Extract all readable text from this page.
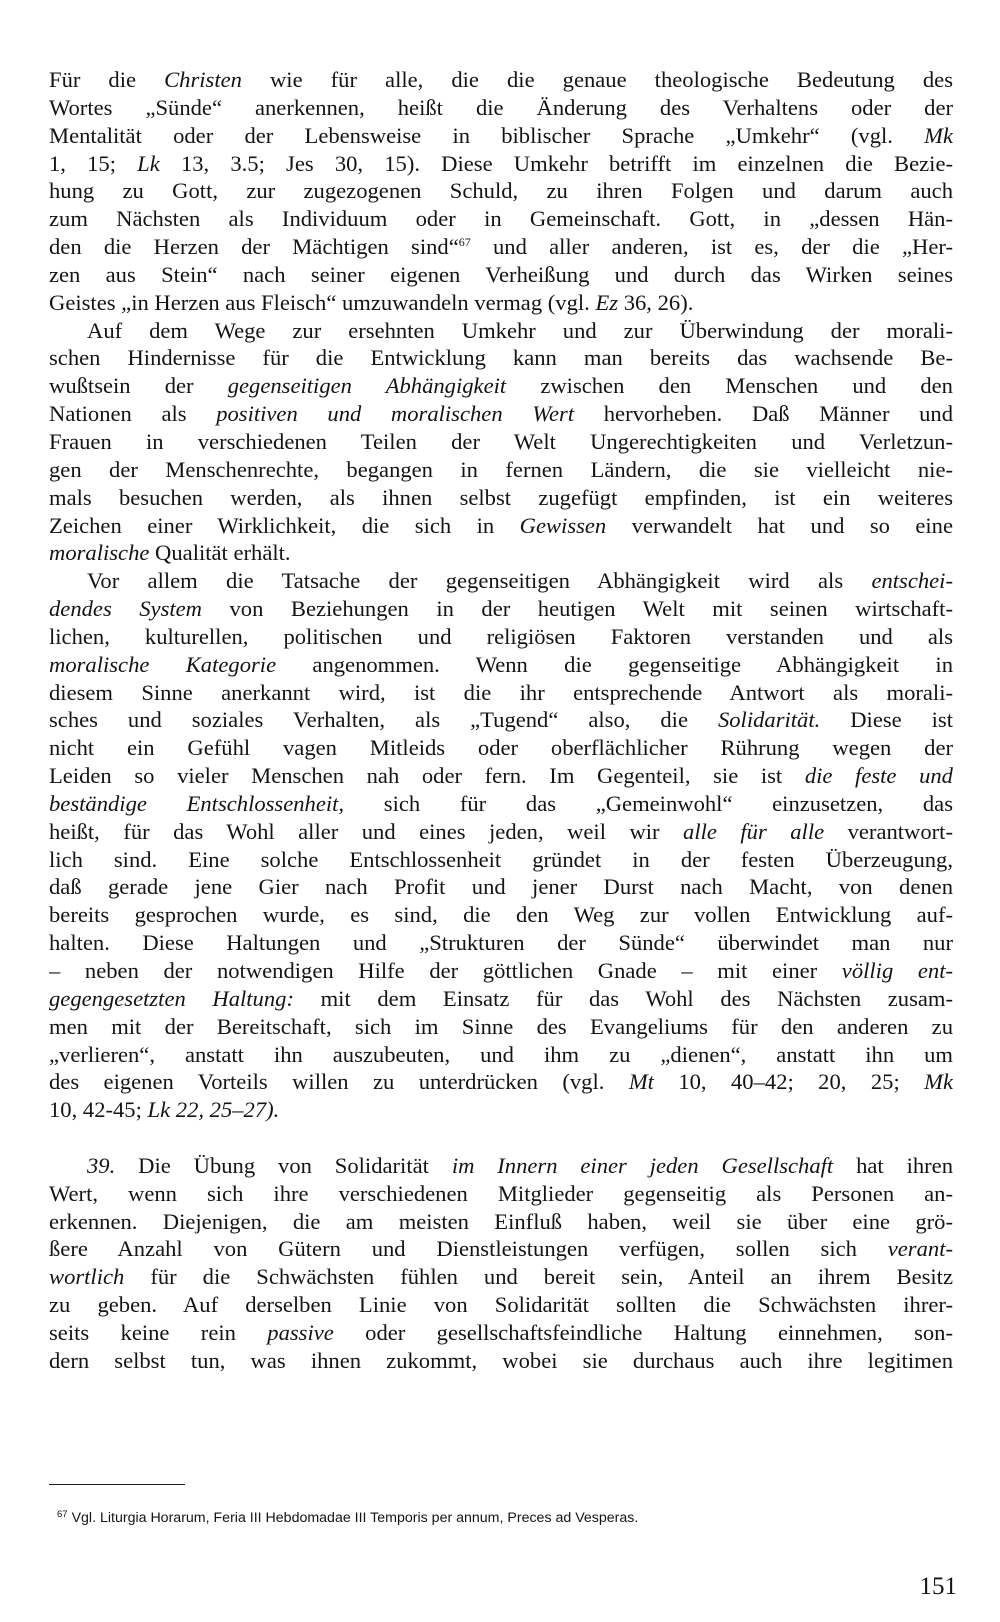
Für die Christen wie für alle, die die genaue theologische Bedeutung des
Wortes „Sünde“ anerkennen, heißt die Änderung des Verhaltens oder der
Mentalität oder der Lebensweise in biblischer Sprache „Umkehr“ (vgl. Mk
1, 15; Lk 13, 3.5; Jes 30, 15). Diese Umkehr betrifft im einzelnen die Bezie-
hung zu Gott, zur zugezogenen Schuld, zu ihren Folgen und darum auch
zum Nächsten als Individuum oder in Gemeinschaft. Gott, in „dessen Hän-
den die Herzen der Mächtigen sind“$^{67}$ und aller anderen, ist es, der die „Her-
zen aus Stein“ nach seiner eigenen Verheißung und durch das Wirken seines
Geistes „in Herzen aus Fleisch“ umzuwandeln vermag (vgl. Ez 36, 26).
Auf dem Wege zur ersehnten Umkehr und zur Überwindung der morali-
schen Hindernisse für die Entwicklung kann man bereits das wachsende Be-
wußtsein der gegenseitigen Abhängigkeit zwischen den Menschen und den
Nationen als positiven und moralischen Wert hervorheben. Daß Männer und
Frauen in verschiedenen Teilen der Welt Ungerechtigkeiten und Verletzun-
gen der Menschenrechte, begangen in fernen Ländern, die sie vielleicht nie-
mals besuchen werden, als ihnen selbst zugefügt empfinden, ist ein weiteres
Zeichen einer Wirklichkeit, die sich in Gewissen verwandelt hat und so eine
moralische Qualität erhält.
Vor allem die Tatsache der gegenseitigen Abhängigkeit wird als entschei-
dendes System von Beziehungen in der heutigen Welt mit seinen wirtschaft-
lichen, kulturellen, politischen und religiösen Faktoren verstanden und als
moralische Kategorie angenommen. Wenn die gegenseitige Abhängigkeit in
diesem Sinne anerkannt wird, ist die ihr entsprechende Antwort als morali-
sches und soziales Verhalten, als „Tugend“ also, die Solidarität. Diese ist
nicht ein Gefühl vagen Mitleids oder oberflächlicher Rührung wegen der
Leiden so vieler Menschen nah oder fern. Im Gegenteil, sie ist die feste und
beständige Entschlossenheit, sich für das „Gemeinwohl“ einzusetzen, das
heißt, für das Wohl aller und eines jeden, weil wir alle für alle verantwort-
lich sind. Eine solche Entschlossenheit gründet in der festen Überzeugung,
daß gerade jene Gier nach Profit und jener Durst nach Macht, von denen
bereits gesprochen wurde, es sind, die den Weg zur vollen Entwicklung auf-
halten. Diese Haltungen und „Strukturen der Sünde“ überwindet man nur
– neben der notwendigen Hilfe der göttlichen Gnade – mit einer völlig ent-
gegengesetzten Haltung: mit dem Einsatz für das Wohl des Nächsten zusam-
men mit der Bereitschaft, sich im Sinne des Evangeliums für den anderen zu
„verlieren“, anstatt ihn auszubeuten, und ihm zu „dienen“, anstatt ihn um
des eigenen Vorteils willen zu unterdrücken (vgl. Mt 10, 40–42; 20, 25; Mk
10, 42-45; Lk 22, 25–27).
39. Die Übung von Solidarität im Innern einer jeden Gesellschaft hat ihren
Wert, wenn sich ihre verschiedenen Mitglieder gegenseitig als Personen an-
erkennen. Diejenigen, die am meisten Einfluß haben, weil sie über eine grö-
ßere Anzahl von Gütern und Dienstleistungen verfügen, sollen sich verant-
wortlich für die Schwächsten fühlen und bereit sein, Anteil an ihrem Besitz
zu geben. Auf derselben Linie von Solidarität sollten die Schwächsten ihrer-
seits keine rein passive oder gesellschaftsfeindliche Haltung einnehmen, son-
dern selbst tun, was ihnen zukommt, wobei sie durchaus auch ihre legitimen
$^{67}$ Vgl. Liturgia Horarum, Feria III Hebdomadae III Temporis per annum, Preces ad Vesperas.
151
